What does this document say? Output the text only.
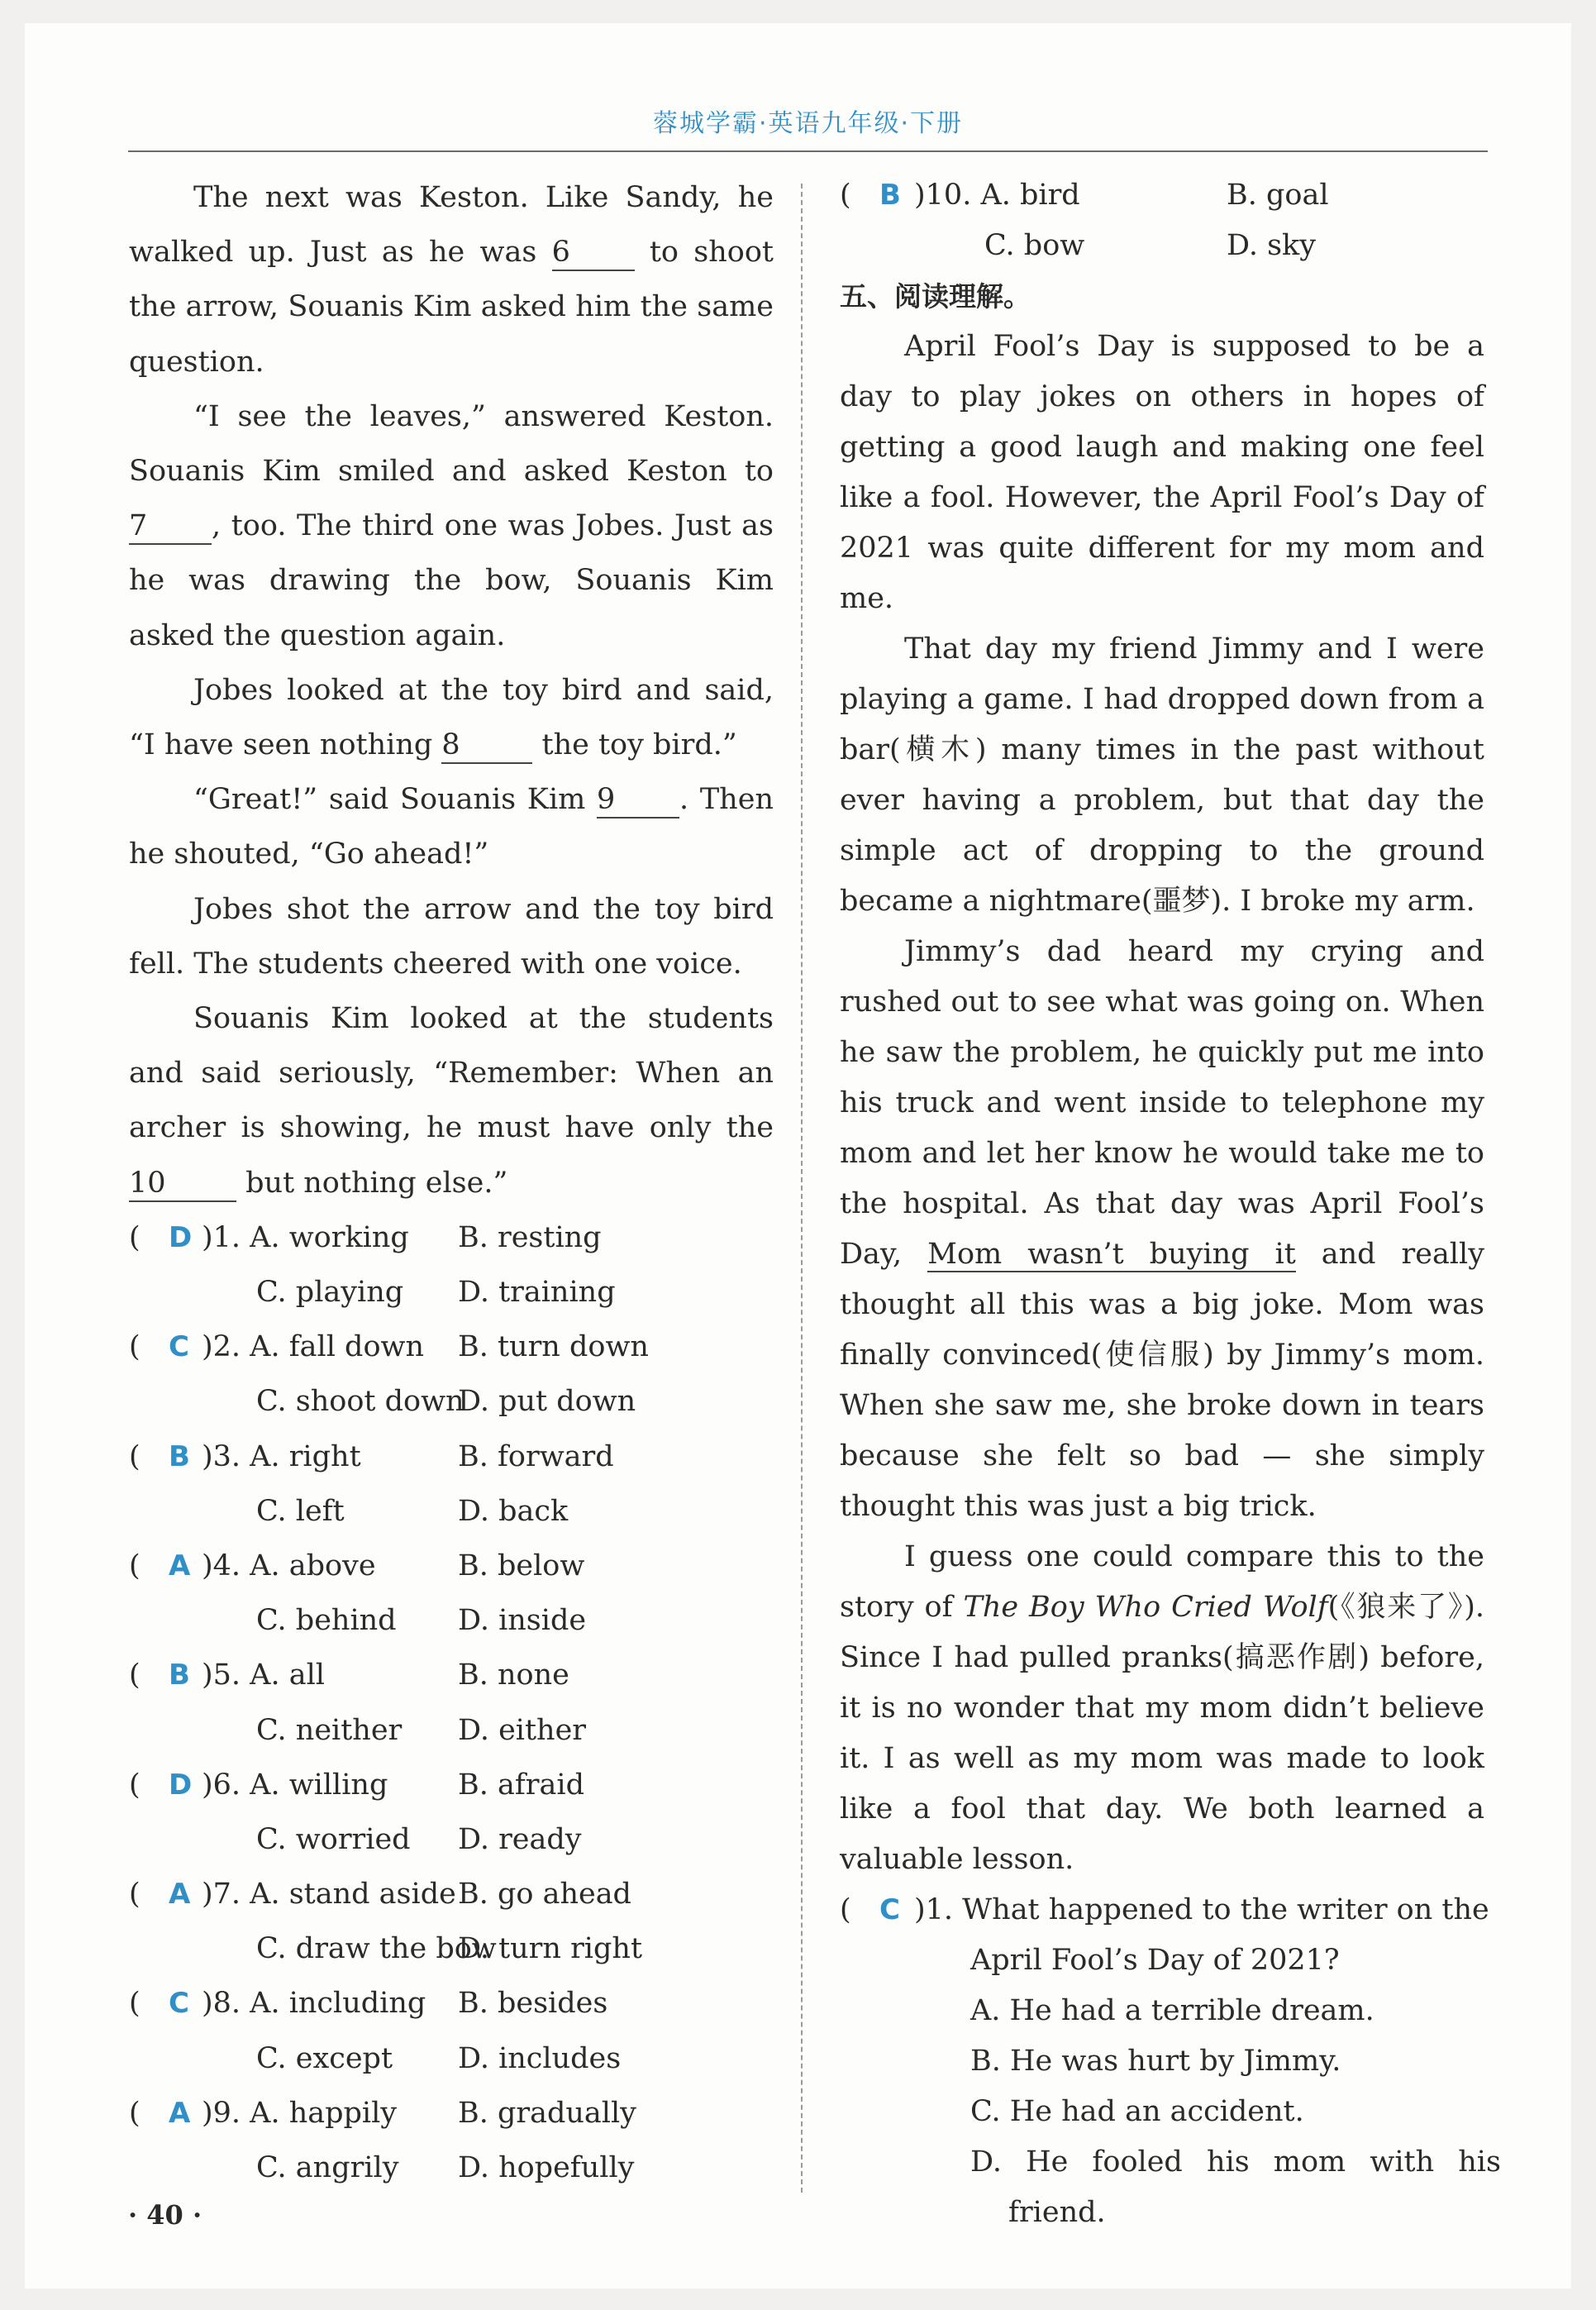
蓉城学霸·英语九年级·下册

The next was Keston. Like Sandy, he walked up. Just as he was 6 to shoot the arrow, Souanis Kim asked him the same question.

“I see the leaves,” answered Keston. Souanis Kim smiled and asked Keston to 7 , too. The third one was Jobes. Just as he was drawing the bow, Souanis Kim asked the question again.

Jobes looked at the toy bird and said, “I have seen nothing 8	the toy bird.”

“Great!” said Souanis Kim 9 . Then he shouted, “Go ahead!”

Jobes shot the arrow and the toy bird fell. The students cheered with one voice.

Souanis Kim looked at the students and said seriously, “Remember: When an archer is showing, he must have only the 10 but nothing else.”

( D )1. A. working B. resting
C. playing D. training
( C )2. A. fall down B. turn down
C. shoot down
D. put down
( B )3. A. right	B. forward
C. left	D. back
( A )4. A. above	B. below
C. behind D. inside
( B )5. A. all	B. none
C. neither D. either
( D )6. A. willing B. afraid
C. worried D. ready
( A )7. A. stand aside B. go ahead
C. draw the bow
D. turn right
( C )8. A. including B. besides
C. except D. includes
( A )9. A. happily B. gradually
C. angrily D. hopefully
( B )10. A. bird	B. goal
C. bow	D. sky
五、阅读理解。

April Fool’s Day is supposed to be a day to play jokes on others in hopes of getting a good laugh and making one feel like a fool. However, the April Fool’s Day of 2021 was quite different for my mom and me.

That day my friend Jimmy and I were playing a game. I had dropped down from a bar(横木) many times in the past without ever having a problem, but that day the simple act of dropping to the ground became a nightmare(噩梦). I broke my arm.

Jimmy’s dad heard my crying and rushed out to see what was going on. When he saw the problem, he quickly put me into his truck and went inside to telephone my mom and let her know he would take me to the hospital. As that day was April Fool’s Day, Mom wasn’t buying it and really thought all this was a big joke. Mom was finally convinced(使信服) by Jimmy’s mom. When she saw me, she broke down in tears because she felt so bad — she simply thought this was just a big trick.

I guess one could compare this to the story of The Boy Who Cried Wolf(《狼来了》). Since I had pulled pranks(搞恶作剧) before, it is no wonder that my mom didn’t believe it. I as well as my mom was made to look like a fool that day. We both learned a valuable lesson.

( C )1. What happened to the writer on the
April Fool’s Day of 2021?
A. He had a terrible dream.
B. He was hurt by Jimmy.
C. He had an accident.
D. He fooled his mom with his
friend.
· 40 ·
